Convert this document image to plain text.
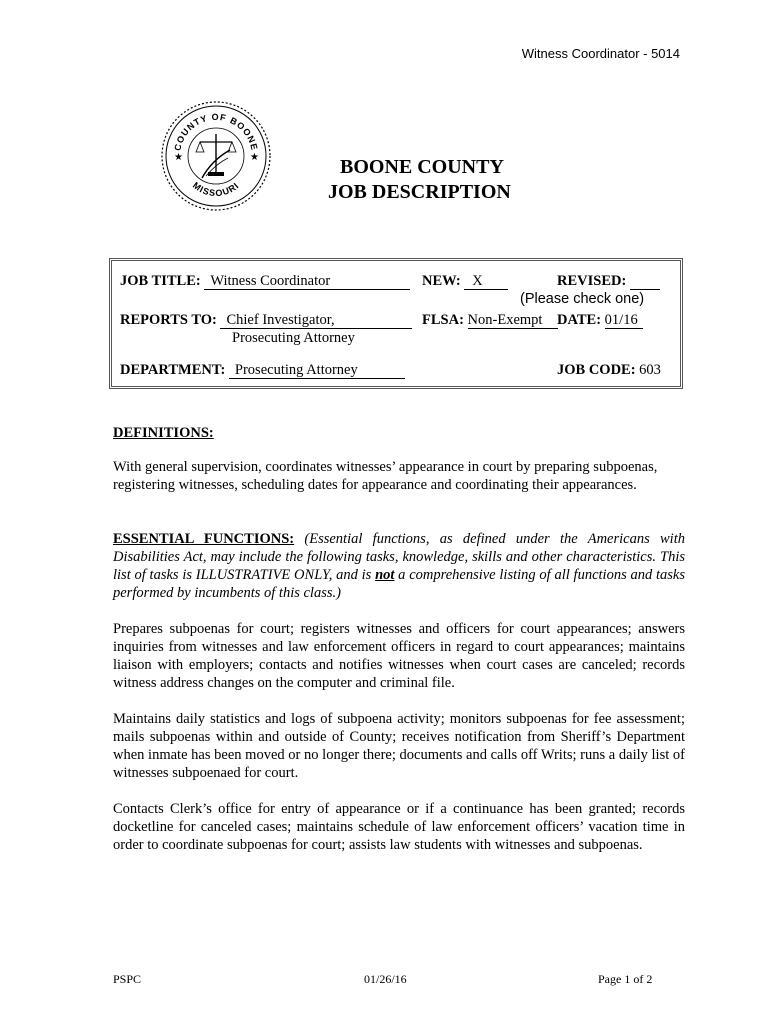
Witness Coordinator - 5014
COUNTY OF BOONE
MISSOURI
★	★	BOONE COUNTY
JOB DESCRIPTION
JOB TITLE: Witness Coordinator	NEW: X	REVISED:
(Please check one)
REPORTS TO: Chief Investigator,
Prosecuting Attorney
FLSA: Non-Exempt	DATE: 01/16
DEPARTMENT: Prosecuting Attorney	JOB CODE: 603
DEFINITIONS:

With general supervision, coordinates witnesses’ appearance in court by preparing subpoenas, registering witnesses, scheduling dates for appearance and coordinating their appearances.

ESSENTIAL FUNCTIONS: (Essential functions, as defined under the Americans with Disabilities Act, may include the following tasks, knowledge, skills and other characteristics. This list of tasks is ILLUSTRATIVE ONLY, and is not a comprehensive listing of all functions and tasks performed by incumbents of this class.)

Prepares subpoenas for court; registers witnesses and officers for court appearances; answers inquiries from witnesses and law enforcement officers in regard to court appearances; maintains liaison with employers; contacts and notifies witnesses when court cases are canceled; records witness address changes on the computer and criminal file.

Maintains daily statistics and logs of subpoena activity; monitors subpoenas for fee assessment; mails subpoenas within and outside of County; receives notification from Sheriff’s Department when inmate has been moved or no longer there; documents and calls off Writs; runs a daily list of witnesses subpoenaed for court.

Contacts Clerk’s office for entry of appearance or if a continuance has been granted; records docketline for canceled cases; maintains schedule of law enforcement officers’ vacation time in order to coordinate subpoenas for court; assists law students with witnesses and subpoenas.

PSPC	01/26/16	Page 1 of 2
